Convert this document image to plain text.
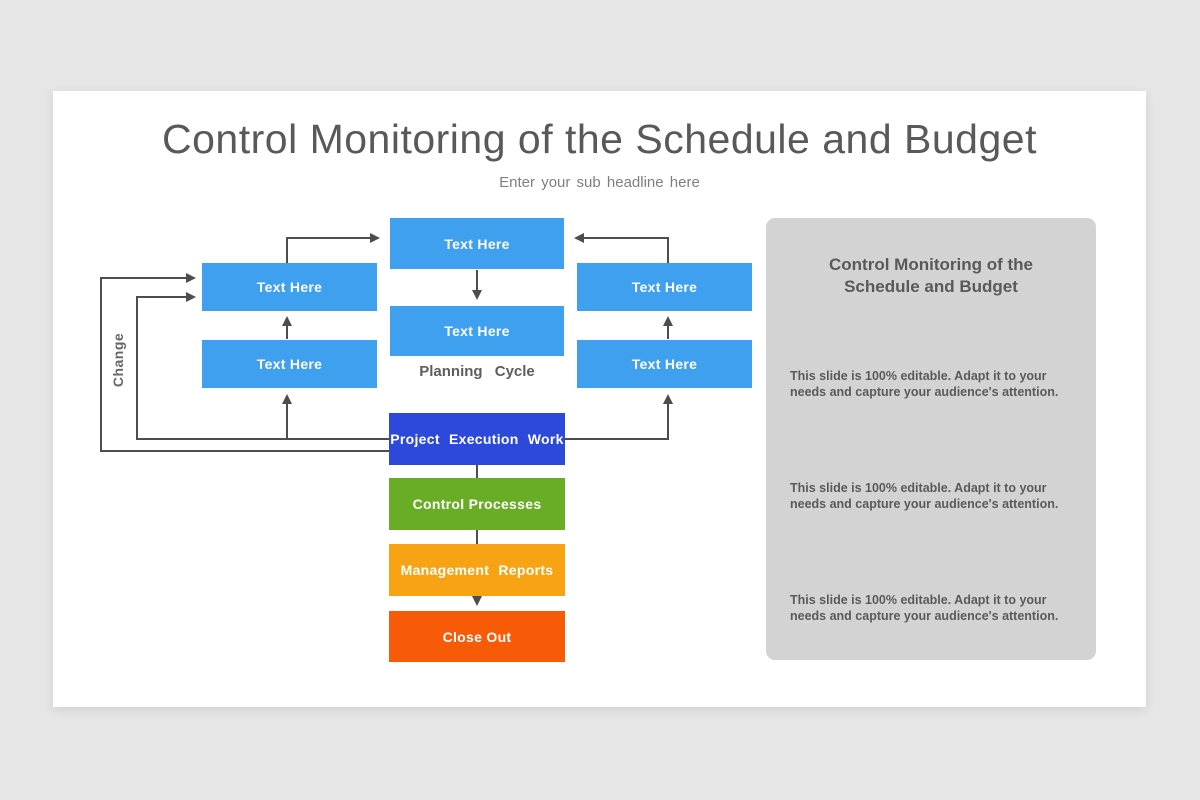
Control Monitoring of the Schedule and Budget
Enter your sub headline here
Text Here
Text Here
Text Here
Text Here
Text Here
Text Here
Planning Cycle
Change
Project Execution Work
Control Processes
Management Reports
Close Out
Control Monitoring of the Schedule and Budget

This slide is 100% editable. Adapt it to your needs and capture your audience's attention.

This slide is 100% editable. Adapt it to your needs and capture your audience's attention.

This slide is 100% editable. Adapt it to your needs and capture your audience's attention.
